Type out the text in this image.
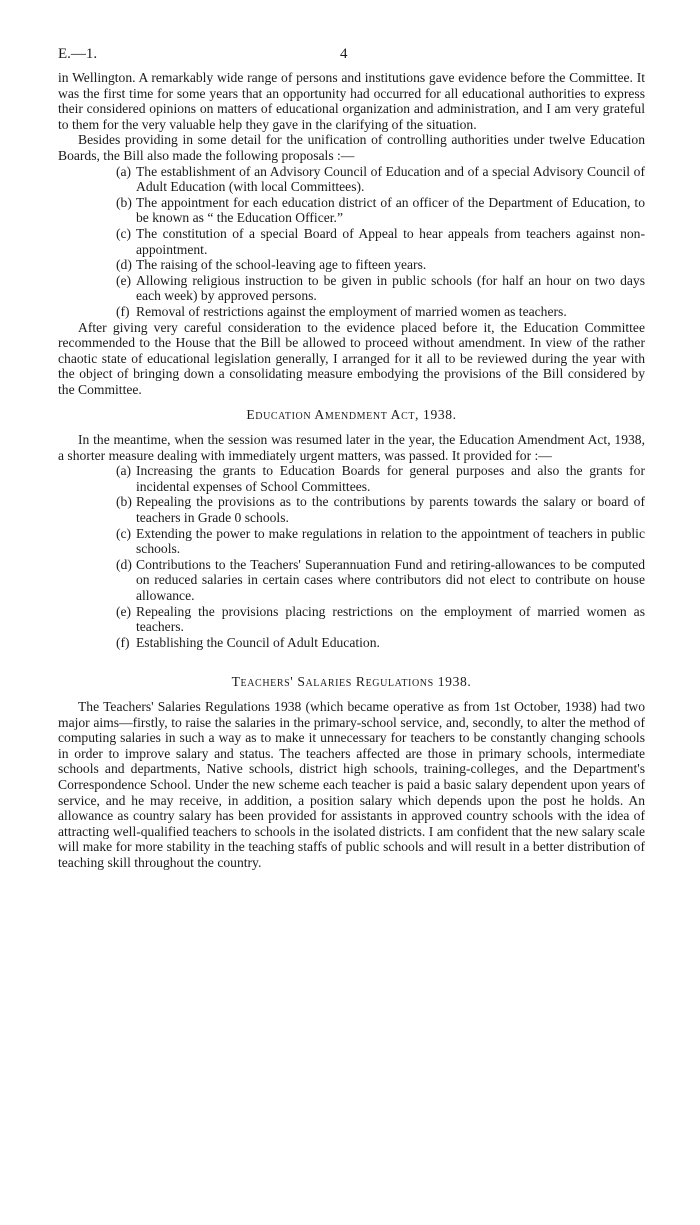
E.—1.	4

in Wellington. A remarkably wide range of persons and institutions gave evidence before the Committee. It was the first time for some years that an opportunity had occurred for all educational authorities to express their considered opinions on matters of educational organization and administration, and I am very grateful to them for the very valuable help they gave in the clarifying of the situation.

Besides providing in some detail for the unification of controlling authorities under twelve Education Boards, the Bill also made the following proposals :—

(a) The establishment of an Advisory Council of Education and of a special Advisory Council of Adult Education (with local Committees).
(b) The appointment for each education district of an officer of the Department of Education, to be known as “ the Education Officer.”
(c) The constitution of a special Board of Appeal to hear appeals from teachers against non-appointment.
(d) The raising of the school-leaving age to fifteen years.
(e) Allowing religious instruction to be given in public schools (for half an hour on two days each week) by approved persons.
(f) Removal of restrictions against the employment of married women as teachers.

After giving very careful consideration to the evidence placed before it, the Education Committee recommended to the House that the Bill be allowed to proceed without amendment. In view of the rather chaotic state of educational legislation generally, I arranged for it all to be reviewed during the year with the object of bringing down a consolidating measure embodying the provisions of the Bill considered by the Committee.

Education Amendment Act, 1938.

In the meantime, when the session was resumed later in the year, the Education Amendment Act, 1938, a shorter measure dealing with immediately urgent matters, was passed. It provided for :—

(a) Increasing the grants to Education Boards for general purposes and also the grants for incidental expenses of School Committees.
(b) Repealing the provisions as to the contributions by parents towards the salary or board of teachers in Grade 0 schools.
(c) Extending the power to make regulations in relation to the appointment of teachers in public schools.
(d) Contributions to the Teachers' Superannuation Fund and retiring-allowances to be computed on reduced salaries in certain cases where contributors did not elect to contribute on house allowance.
(e) Repealing the provisions placing restrictions on the employment of married women as teachers.
(f) Establishing the Council of Adult Education.
Teachers' Salaries Regulations 1938.

The Teachers' Salaries Regulations 1938 (which became operative as from 1st October, 1938) had two major aims—firstly, to raise the salaries in the primary-school service, and, secondly, to alter the method of computing salaries in such a way as to make it unnecessary for teachers to be constantly changing schools in order to improve salary and status. The teachers affected are those in primary schools, intermediate schools and departments, Native schools, district high schools, training-colleges, and the Department's Correspondence School. Under the new scheme each teacher is paid a basic salary dependent upon years of service, and he may receive, in addition, a position salary which depends upon the post he holds. An allowance as country salary has been provided for assistants in approved country schools with the idea of attracting well-qualified teachers to schools in the isolated districts. I am confident that the new salary scale will make for more stability in the teaching staffs of public schools and will result in a better distribution of teaching skill throughout the country.
